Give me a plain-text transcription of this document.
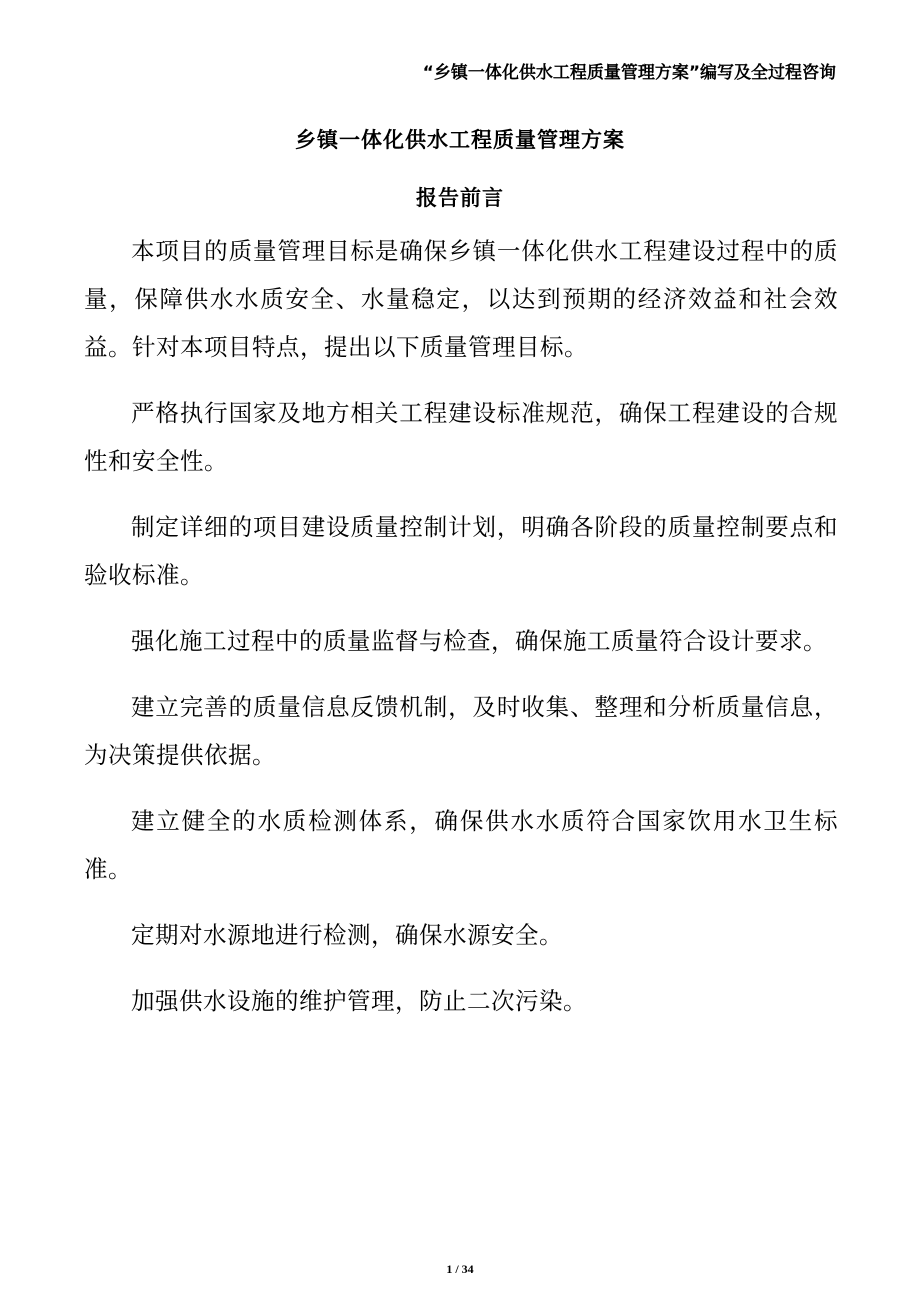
“乡镇一体化供水工程质量管理方案”编写及全过程咨询
乡镇一体化供水工程质量管理方案
报告前言

本项目的质量管理目标是确保乡镇一体化供水工程建设过程中的质量，保障供水水质安全、水量稳定，以达到预期的经济效益和社会效益。针对本项目特点，提出以下质量管理目标。

严格执行国家及地方相关工程建设标准规范，确保工程建设的合规性和安全性。

制定详细的项目建设质量控制计划，明确各阶段的质量控制要点和验收标准。

强化施工过程中的质量监督与检查，确保施工质量符合设计要求。

建立完善的质量信息反馈机制，及时收集、整理和分析质量信息，为决策提供依据。

建立健全的水质检测体系，确保供水水质符合国家饮用水卫生标准。

定期对水源地进行检测，确保水源安全。

加强供水设施的维护管理，防止二次污染。

1 / 34
